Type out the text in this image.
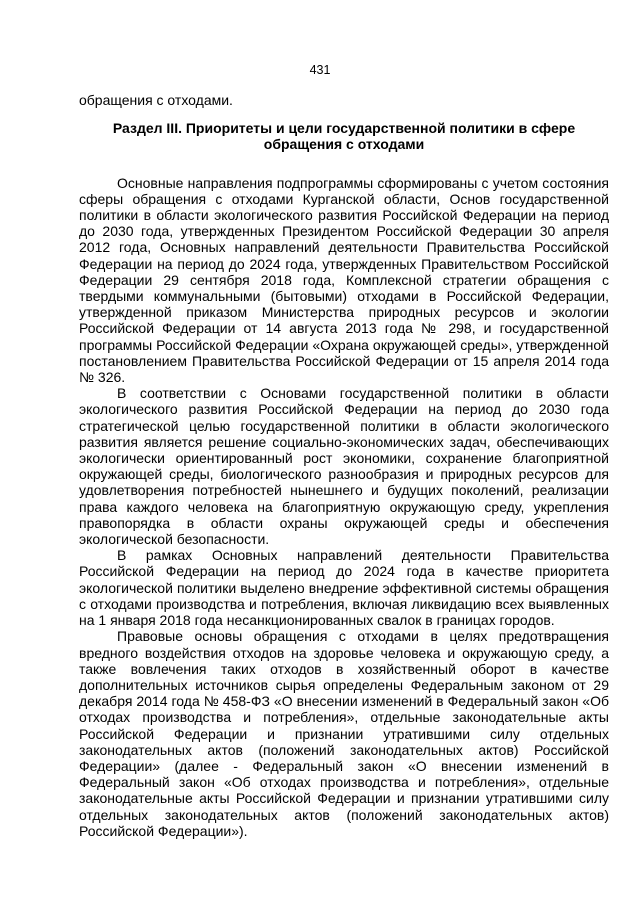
431

обращения с отходами.

Раздел III. Приоритеты и цели государственной политики в сфере
обращения с отходами

Основные направления подпрограммы сформированы с учетом состояния сферы обращения с отходами Курганской области, Основ государственной политики в области экологического развития Российской Федерации на период до 2030 года, утвержденных Президентом Российской Федерации 30 апреля 2012 года, Основных направлений деятельности Правительства Российской Федерации на период до 2024 года, утвержденных Правительством Российской Федерации 29 сентября 2018 года, Комплексной стратегии обращения с твердыми коммунальными (бытовыми) отходами в Российской Федерации, утвержденной приказом Министерства природных ресурсов и экологии Российской Федерации от 14 августа 2013 года № 298, и государственной программы Российской Федерации «Охрана окружающей среды», утвержденной постановлением Правительства Российской Федерации от 15 апреля 2014 года № 326.

В соответствии с Основами государственной политики в области экологического развития Российской Федерации на период до 2030 года стратегической целью государственной политики в области экологического развития является решение социально-экономических задач, обеспечивающих экологически ориентированный рост экономики, сохранение благоприятной окружающей среды, биологического разнообразия и природных ресурсов для удовлетворения потребностей нынешнего и будущих поколений, реализации права каждого человека на благоприятную окружающую среду, укрепления правопорядка в области охраны окружающей среды и обеспечения экологической безопасности.

В рамках Основных направлений деятельности Правительства Российской Федерации на период до 2024 года в качестве приоритета экологической политики выделено внедрение эффективной системы обращения с отходами производства и потребления, включая ликвидацию всех выявленных на 1 января 2018 года несанкционированных свалок в границах городов.

Правовые основы обращения с отходами в целях предотвращения вредного воздействия отходов на здоровье человека и окружающую среду, а также вовлечения таких отходов в хозяйственный оборот в качестве дополнительных источников сырья определены Федеральным законом от 29 декабря 2014 года № 458-ФЗ «О внесении изменений в Федеральный закон «Об отходах производства и потребления», отдельные законодательные акты Российской Федерации и признании утратившими силу отдельных законодательных актов (положений законодательных актов) Российской Федерации» (далее - Федеральный закон «О внесении изменений в Федеральный закон «Об отходах производства и потребления», отдельные законодательные акты Российской Федерации и признании утратившими силу отдельных законодательных актов (положений законодательных актов) Российской Федерации»).
